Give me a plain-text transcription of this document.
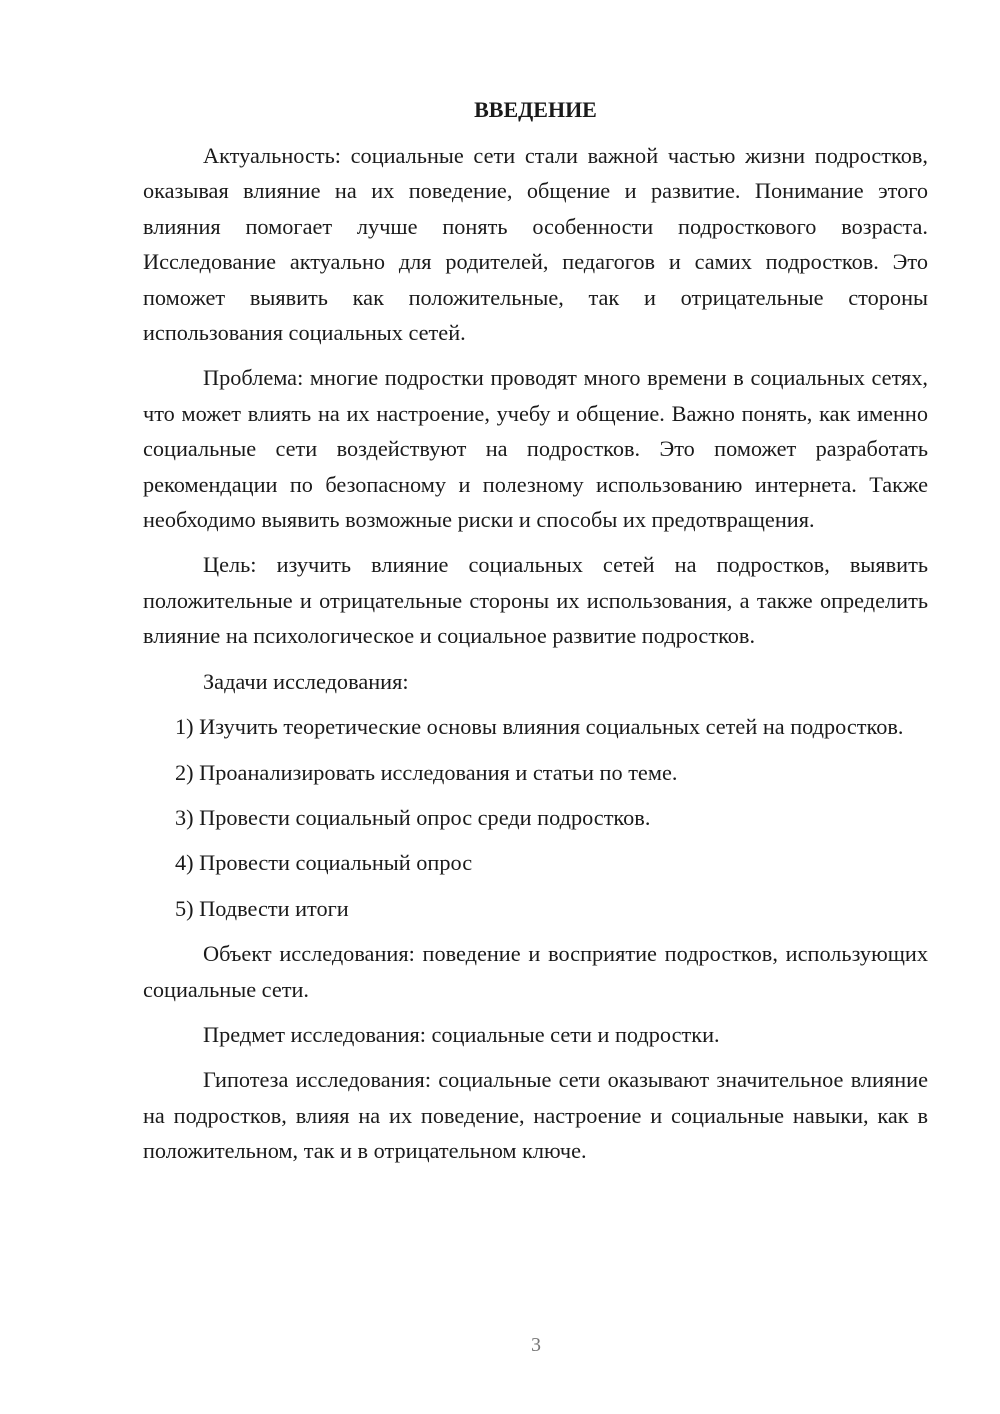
ВВЕДЕНИЕ

Актуальность: социальные сети стали важной частью жизни подростков, оказывая влияние на их поведение, общение и развитие. Понимание этого влияния помогает лучше понять особенности подросткового возраста. Исследование актуально для родителей, педагогов и самих подростков. Это поможет выявить как положительные, так и отрицательные стороны использования социальных сетей.

Проблема: многие подростки проводят много времени в социальных сетях, что может влиять на их настроение, учебу и общение. Важно понять, как именно социальные сети воздействуют на подростков. Это поможет разработать рекомендации по безопасному и полезному использованию интернета. Также необходимо выявить возможные риски и способы их предотвращения.

Цель: изучить влияние социальных сетей на подростков, выявить положительные и отрицательные стороны их использования, а также определить влияние на психологическое и социальное развитие подростков.

Задачи исследования:

1) Изучить теоретические основы влияния социальных сетей на подростков.

2) Проанализировать исследования и статьи по теме.

3) Провести социальный опрос среди подростков.

4) Провести социальный опрос

5) Подвести итоги

Объект исследования: поведение и восприятие подростков, использующих социальные сети.

Предмет исследования: социальные сети и подростки.

Гипотеза исследования: социальные сети оказывают значительное влияние на подростков, влияя на их поведение, настроение и социальные навыки, как в положительном, так и в отрицательном ключе.

3
